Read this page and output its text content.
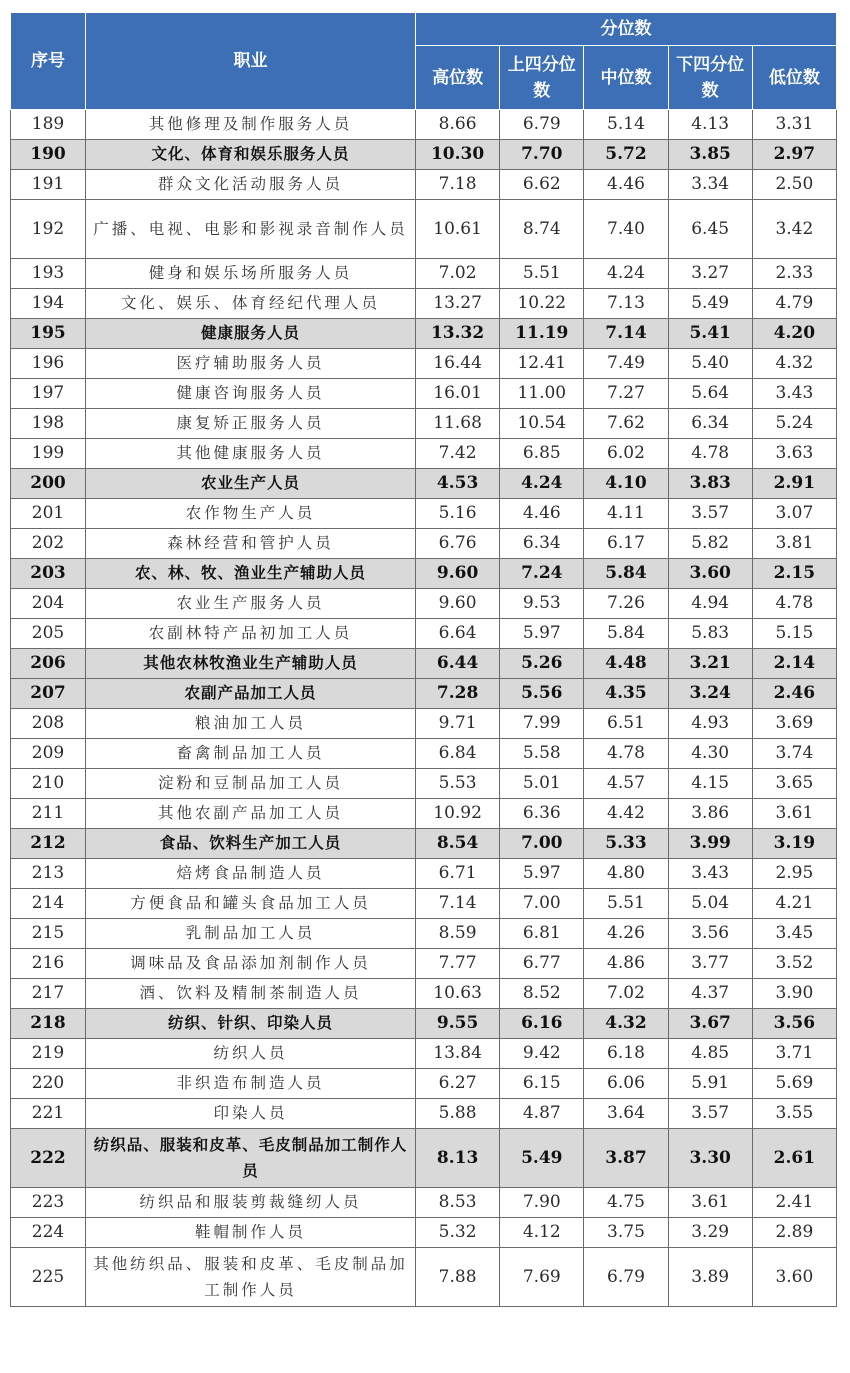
序号	职业	分位数				
		高位数	上四分位数	中位数	下四分位数	低位数
189	其他修理及制作服务人员	8.66	6.79	5.14	4.13	3.31
190	文化、体育和娱乐服务人员	10.30	7.70	5.72	3.85	2.97
191	群众文化活动服务人员	7.18	6.62	4.46	3.34	2.50
192	广播、电视、电影和影视录音制作人员	10.61	8.74	7.40	6.45	3.42
193	健身和娱乐场所服务人员	7.02	5.51	4.24	3.27	2.33
194	文化、娱乐、体育经纪代理人员	13.27	10.22	7.13	5.49	4.79
195	健康服务人员	13.32	11.19	7.14	5.41	4.20
196	医疗辅助服务人员	16.44	12.41	7.49	5.40	4.32
197	健康咨询服务人员	16.01	11.00	7.27	5.64	3.43
198	康复矫正服务人员	11.68	10.54	7.62	6.34	5.24
199	其他健康服务人员	7.42	6.85	6.02	4.78	3.63
200	农业生产人员	4.53	4.24	4.10	3.83	2.91
201	农作物生产人员	5.16	4.46	4.11	3.57	3.07
202	森林经营和管护人员	6.76	6.34	6.17	5.82	3.81
203	农、林、牧、渔业生产辅助人员	9.60	7.24	5.84	3.60	2.15
204	农业生产服务人员	9.60	9.53	7.26	4.94	4.78
205	农副林特产品初加工人员	6.64	5.97	5.84	5.83	5.15
206	其他农林牧渔业生产辅助人员	6.44	5.26	4.48	3.21	2.14
207	农副产品加工人员	7.28	5.56	4.35	3.24	2.46
208	粮油加工人员	9.71	7.99	6.51	4.93	3.69
209	畜禽制品加工人员	6.84	5.58	4.78	4.30	3.74
210	淀粉和豆制品加工人员	5.53	5.01	4.57	4.15	3.65
211	其他农副产品加工人员	10.92	6.36	4.42	3.86	3.61
212	食品、饮料生产加工人员	8.54	7.00	5.33	3.99	3.19
213	焙烤食品制造人员	6.71	5.97	4.80	3.43	2.95
214	方便食品和罐头食品加工人员	7.14	7.00	5.51	5.04	4.21
215	乳制品加工人员	8.59	6.81	4.26	3.56	3.45
216	调味品及食品添加剂制作人员	7.77	6.77	4.86	3.77	3.52
217	酒、饮料及精制茶制造人员	10.63	8.52	7.02	4.37	3.90
218	纺织、针织、印染人员	9.55	6.16	4.32	3.67	3.56
219	纺织人员	13.84	9.42	6.18	4.85	3.71
220	非织造布制造人员	6.27	6.15	6.06	5.91	5.69
221	印染人员	5.88	4.87	3.64	3.57	3.55
222	纺织品、服装和皮革、毛皮制品加工制作人员	8.13	5.49	3.87	3.30	2.61
223	纺织品和服装剪裁缝纫人员	8.53	7.90	4.75	3.61	2.41
224	鞋帽制作人员	5.32	4.12	3.75	3.29	2.89
225	其他纺织品、服装和皮革、毛皮制品加工制作人员	7.88	7.69	6.79	3.89	3.60
